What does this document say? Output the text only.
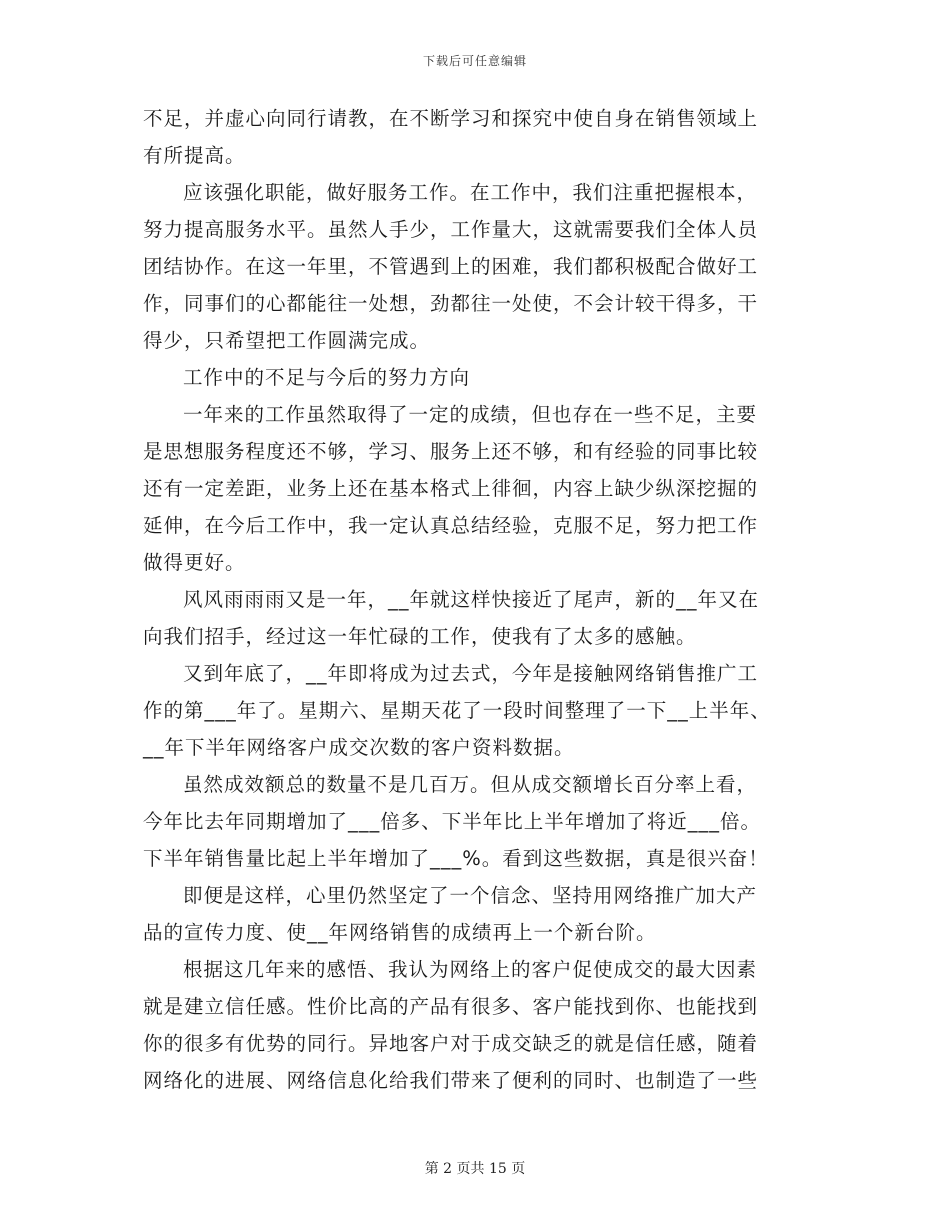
下载后可任意编辑
不足，并虚心向同行请教，在不断学习和探究中使自身在销售领域上
有所提高。
应该强化职能，做好服务工作。在工作中，我们注重把握根本，
努力提高服务水平。虽然人手少，工作量大，这就需要我们全体人员
团结协作。在这一年里，不管遇到上的困难，我们都积极配合做好工
作，同事们的心都能往一处想，劲都往一处使，不会计较干得多，干
得少，只希望把工作圆满完成。
工作中的不足与今后的努力方向
一年来的工作虽然取得了一定的成绩，但也存在一些不足，主要
是思想服务程度还不够，学习、服务上还不够，和有经验的同事比较
还有一定差距，业务上还在基本格式上徘徊，内容上缺少纵深挖掘的
延伸，在今后工作中，我一定认真总结经验，克服不足，努力把工作
做得更好。
风风雨雨雨又是一年，__年就这样快接近了尾声，新的__年又在
向我们招手，经过这一年忙碌的工作，使我有了太多的感触。
又到年底了，__年即将成为过去式，今年是接触网络销售推广工
作的第___年了。星期六、星期天花了一段时间整理了一下__上半年、
__年下半年网络客户成交次数的客户资料数据。
虽然成效额总的数量不是几百万。但从成交额增长百分率上看，
今年比去年同期增加了___倍多、下半年比上半年增加了将近___倍。
下半年销售量比起上半年增加了___%。看到这些数据，真是很兴奋！
即便是这样，心里仍然坚定了一个信念、坚持用网络推广加大产
品的宣传力度、使__年网络销售的成绩再上一个新台阶。
根据这几年来的感悟、我认为网络上的客户促使成交的最大因素
就是建立信任感。性价比高的产品有很多、客户能找到你、也能找到
你的很多有优势的同行。异地客户对于成交缺乏的就是信任感，随着
网络化的进展、网络信息化给我们带来了便利的同时、也制造了一些
第 2 页共 15 页
